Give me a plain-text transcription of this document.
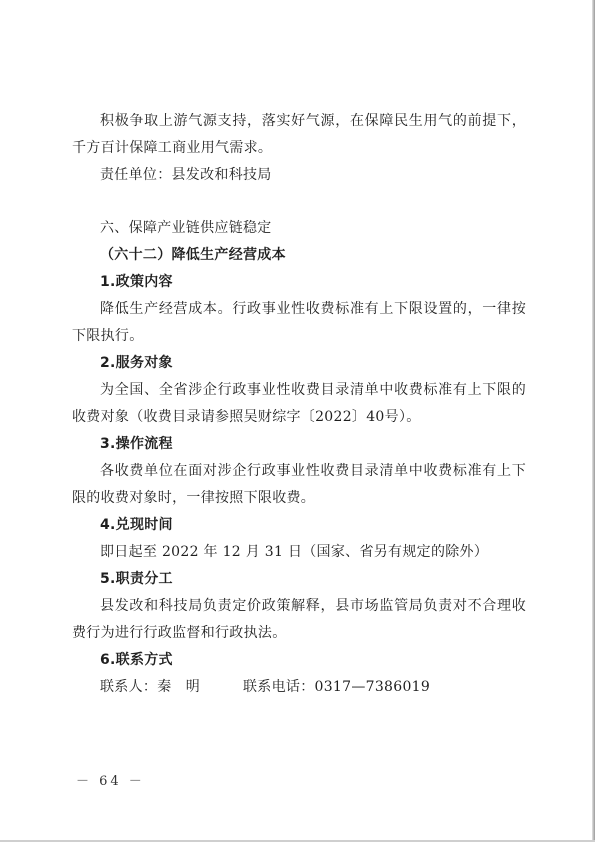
积极争取上游气源支持，落实好气源，在保障民生用气的前提下，千方百计保障工商业用气需求。

责任单位：县发改和科技局

六、保障产业链供应链稳定

（六十二）降低生产经营成本

1.政策内容

降低生产经营成本。行政事业性收费标准有上下限设置的，一律按下限执行。

2.服务对象

为全国、全省涉企行政事业性收费目录清单中收费标准有上下限的收费对象（收费目录请参照吴财综字〔2022〕40号）。

3.操作流程

各收费单位在面对涉企行政事业性收费目录清单中收费标准有上下限的收费对象时，一律按照下限收费。

4.兑现时间

即日起至 2022 年 12 月 31 日（国家、省另有规定的除外）

5.职责分工

县发改和科技局负责定价政策解释，县市场监管局负责对不合理收费行为进行行政监督和行政执法。

6.联系方式

联系人：秦　明　　　联系电话：0317—7386019

－ 64 －
